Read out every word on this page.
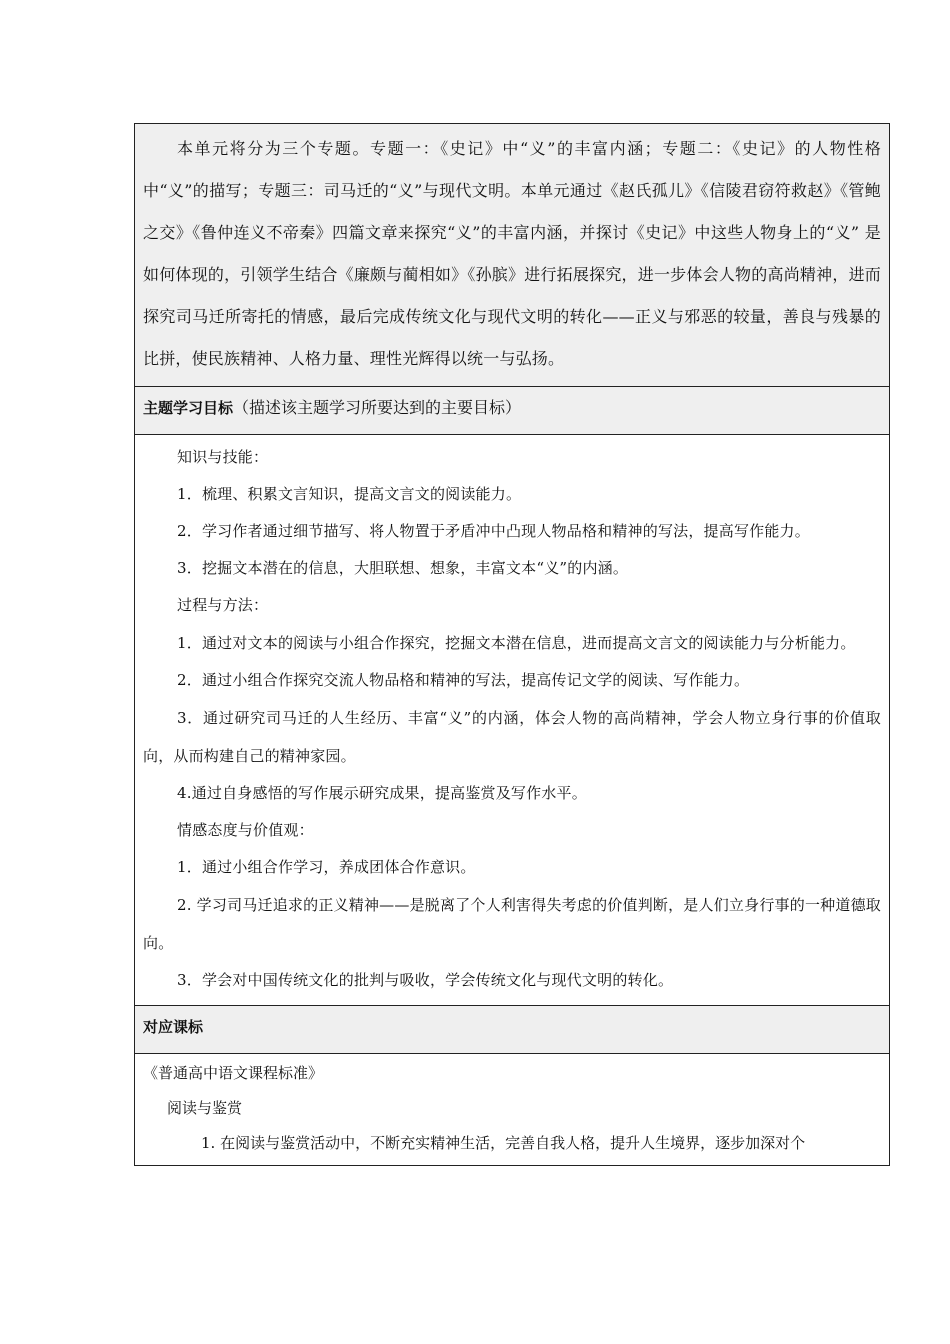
本单元将分为三个专题。专题一：《史记》中“义”的丰富内涵；专题二：《史记》的人物性格中“义”的描写；专题三：司马迁的“义”与现代文明。本单元通过《赵氏孤儿》《信陵君窃符救赵》《管鲍之交》《鲁仲连义不帝秦》四篇文章来探究“义”的丰富内涵，并探讨《史记》中这些人物身上的“义” 是如何体现的，引领学生结合《廉颇与蔺相如》《孙膑》进行拓展探究，进一步体会人物的高尚精神，进而探究司马迁所寄托的情感，最后完成传统文化与现代文明的转化——正义与邪恶的较量，善良与残暴的比拼，使民族精神、人格力量、理性光辉得以统一与弘扬。

主题学习目标（描述该主题学习所要达到的主要目标）

知识与技能：

1．梳理、积累文言知识，提高文言文的阅读能力。

2．学习作者通过细节描写、将人物置于矛盾冲中凸现人物品格和精神的写法，提高写作能力。

3．挖掘文本潜在的信息，大胆联想、想象，丰富文本“义”的内涵。

过程与方法：

1．通过对文本的阅读与小组合作探究，挖掘文本潜在信息，进而提高文言文的阅读能力与分析能力。

2．通过小组合作探究交流人物品格和精神的写法，提高传记文学的阅读、写作能力。

3．通过研究司马迁的人生经历、丰富“义”的内涵，体会人物的高尚精神，学会人物立身行事的价值取向，从而构建自己的精神家园。

4.通过自身感悟的写作展示研究成果，提高鉴赏及写作水平。

情感态度与价值观：

1．通过小组合作学习，养成团体合作意识。

2. 学习司马迁追求的正义精神——是脱离了个人利害得失考虑的价值判断，是人们立身行事的一种道德取向。

3．学会对中国传统文化的批判与吸收，学会传统文化与现代文明的转化。

对应课标

《普通高中语文课程标准》

阅读与鉴赏

1. 在阅读与鉴赏活动中，不断充实精神生活，完善自我人格，提升人生境界，逐步加深对个
